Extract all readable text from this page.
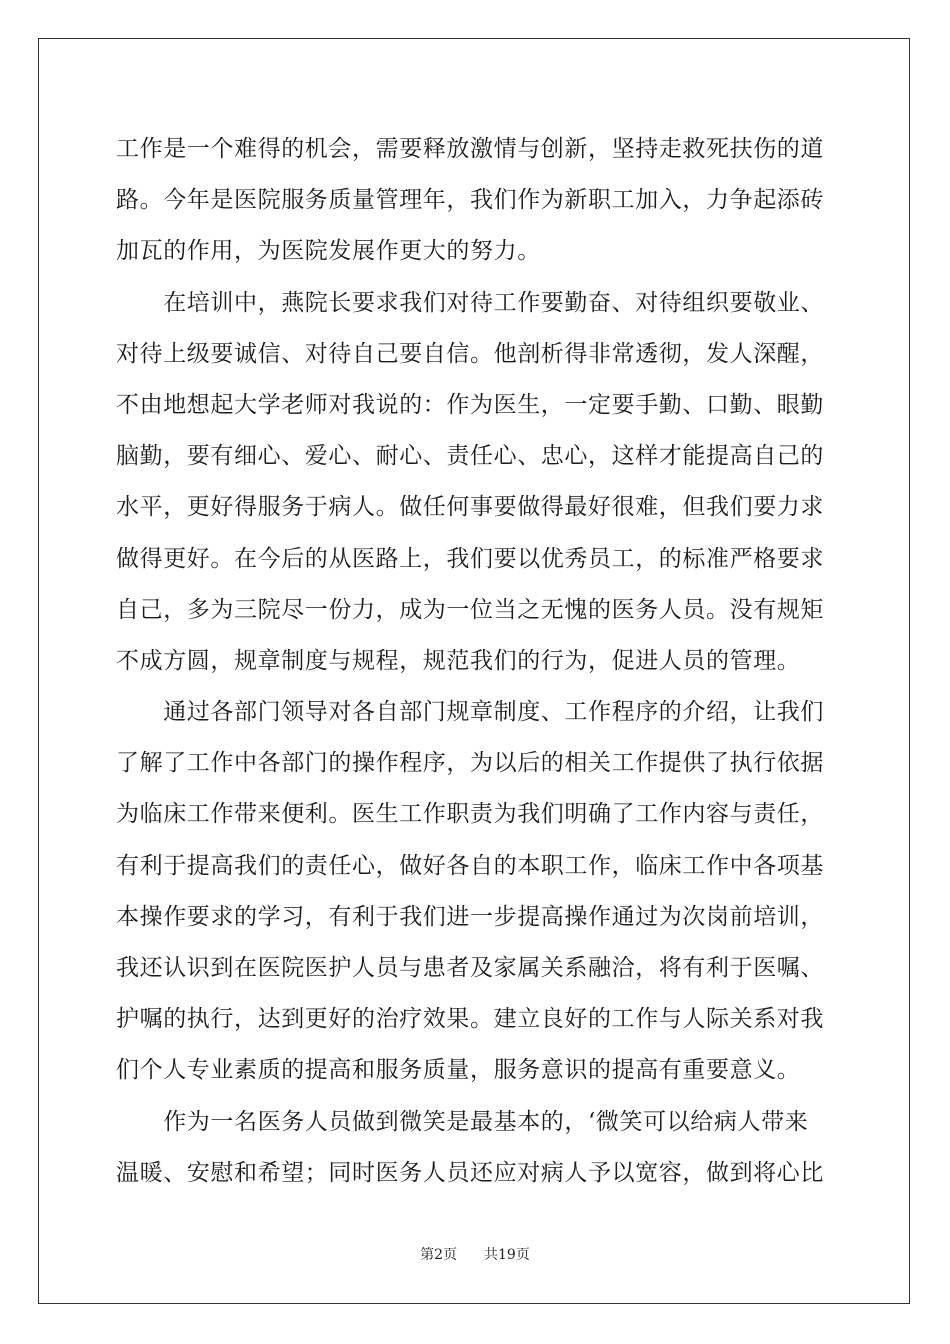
工作是一个难得的机会，需要释放激情与创新，坚持走救死扶伤的道
路。今年是医院服务质量管理年，我们作为新职工加入，力争起添砖
加瓦的作用，为医院发展作更大的努力。
　　在培训中，燕院长要求我们对待工作要勤奋、对待组织要敬业、
对待上级要诚信、对待自己要自信。他剖析得非常透彻，发人深醒，
不由地想起大学老师对我说的：作为医生，一定要手勤、口勤、眼勤
脑勤，要有细心、爱心、耐心、责任心、忠心，这样才能提高自己的
水平，更好得服务于病人。做任何事要做得最好很难，但我们要力求
做得更好。在今后的从医路上，我们要以优秀员工，的标准严格要求
自己，多为三院尽一份力，成为一位当之无愧的医务人员。没有规矩
不成方圆，规章制度与规程，规范我们的行为，促进人员的管理。
　　通过各部门领导对各自部门规章制度、工作程序的介绍，让我们
了解了工作中各部门的操作程序，为以后的相关工作提供了执行依据
为临床工作带来便利。医生工作职责为我们明确了工作内容与责任，
有利于提高我们的责任心，做好各自的本职工作，临床工作中各项基
本操作要求的学习，有利于我们进一步提高操作通过为次岗前培训，
我还认识到在医院医护人员与患者及家属关系融洽，将有利于医嘱、
护嘱的执行，达到更好的治疗效果。建立良好的工作与人际关系对我
们个人专业素质的提高和服务质量，服务意识的提高有重要意义。
　　作为一名医务人员做到微笑是最基本的，‘微笑可以给病人带来
温暖、安慰和希望；同时医务人员还应对病人予以宽容，做到将心比
第2页 共19页
